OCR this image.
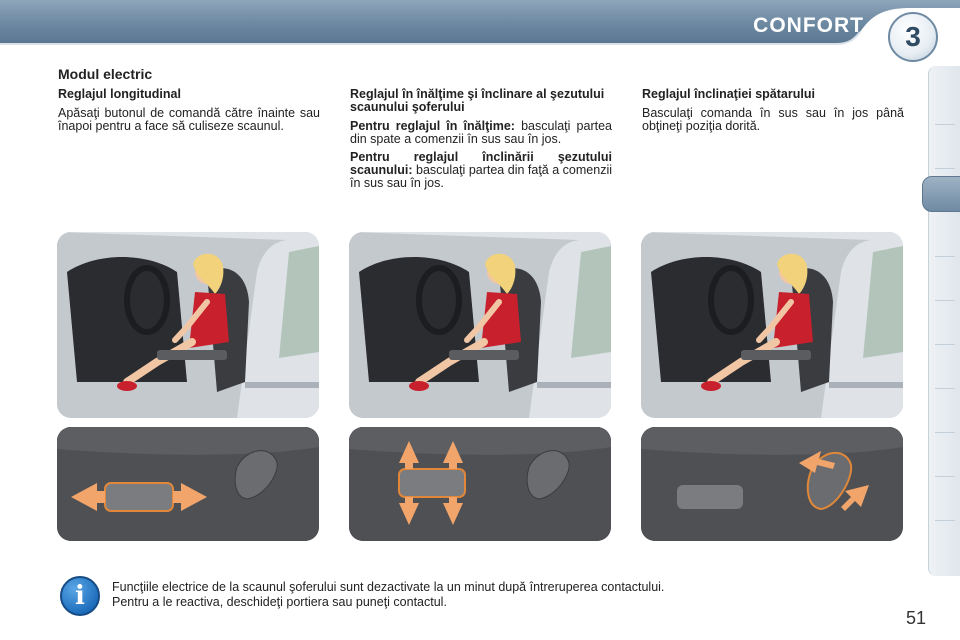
CONFORT	3
Modul electric
Reglajul longitudinal

Apăsaţi butonul de comandă către înainte sau înapoi pentru a face să culiseze scaunul.

Reglajul în înălţime şi înclinare al şezutului scaunului şoferului

Pentru reglajul în înălţime: basculaţi partea din spate a comenzii în sus sau în jos.

Pentru reglajul înclinării şezutului scaunului: basculaţi partea din faţă a comenzii în sus sau în jos.

Reglajul înclinaţiei spătarului

Basculaţi comanda în sus sau în jos până obţineţi poziţia dorită.

i	Funcţiile electrice de la scaunul şoferului sunt dezactivate la un minut după întreruperea contactului.
Pentru a le reactiva, deschideţi portiera sau puneţi contactul.
51
